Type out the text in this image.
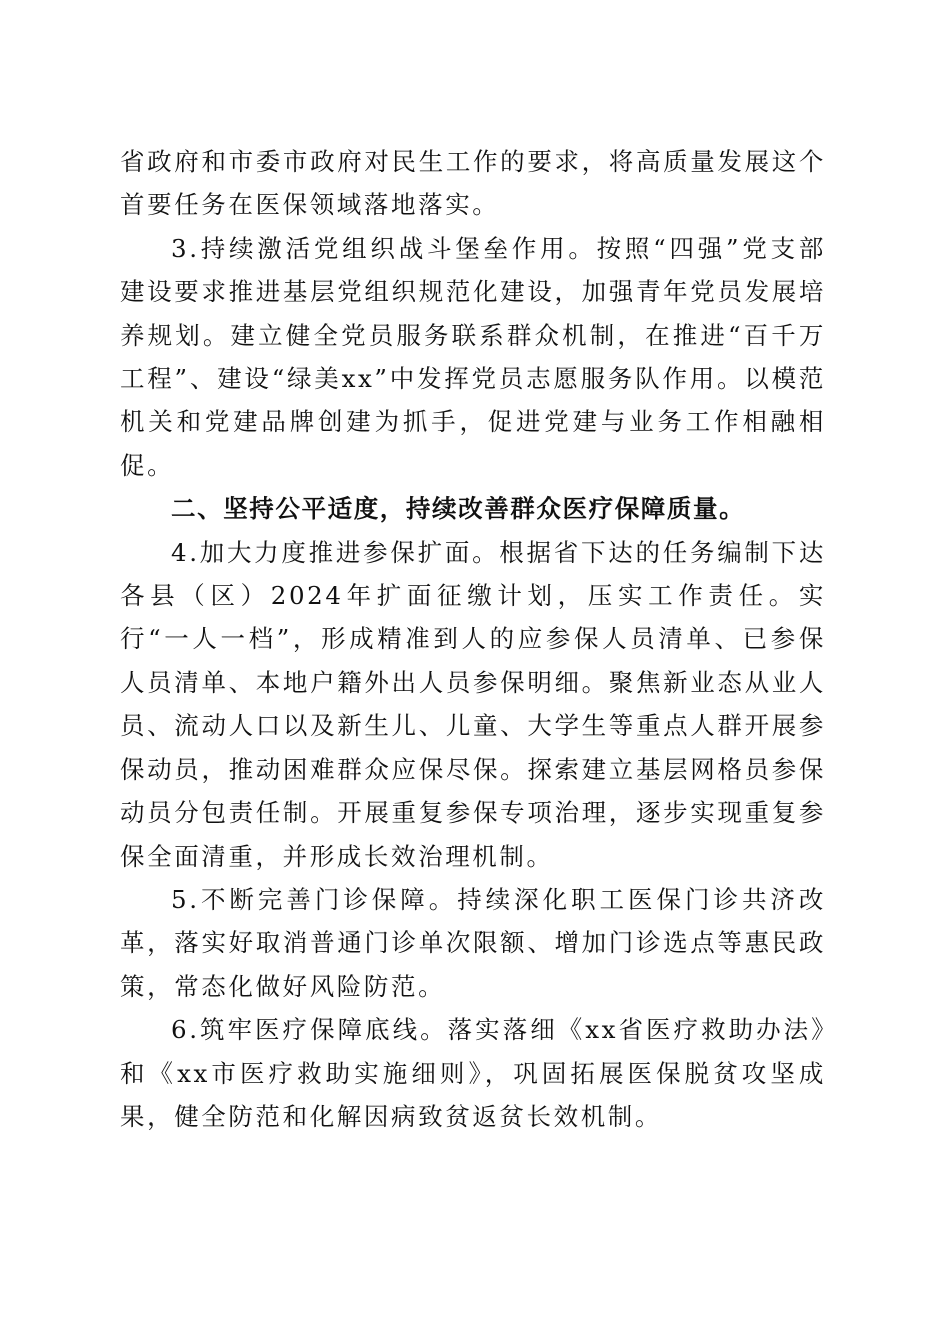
省政府和市委市政府对民生工作的要求，将高质量发展这个首要任务在医保领域落地落实。

3.持续激活党组织战斗堡垒作用。按照“四强”党支部建设要求推进基层党组织规范化建设，加强青年党员发展培养规划。建立健全党员服务联系群众机制，在推进“百千万工程”、建设“绿美xx”中发挥党员志愿服务队作用。以模范机关和党建品牌创建为抓手，促进党建与业务工作相融相促。

二、坚持公平适度，持续改善群众医疗保障质量。

4.加大力度推进参保扩面。根据省下达的任务编制下达各县（区）2024年扩面征缴计划，压实工作责任。实行“一人一档”，形成精准到人的应参保人员清单、已参保人员清单、本地户籍外出人员参保明细。聚焦新业态从业人员、流动人口以及新生儿、儿童、大学生等重点人群开展参保动员，推动困难群众应保尽保。探索建立基层网格员参保动员分包责任制。开展重复参保专项治理，逐步实现重复参保全面清重，并形成长效治理机制。

5.不断完善门诊保障。持续深化职工医保门诊共济改革，落实好取消普通门诊单次限额、增加门诊选点等惠民政策，常态化做好风险防范。

6.筑牢医疗保障底线。落实落细《xx省医疗救助办法》和《xx市医疗救助实施细则》，巩固拓展医保脱贫攻坚成果，健全防范和化解因病致贫返贫长效机制。
